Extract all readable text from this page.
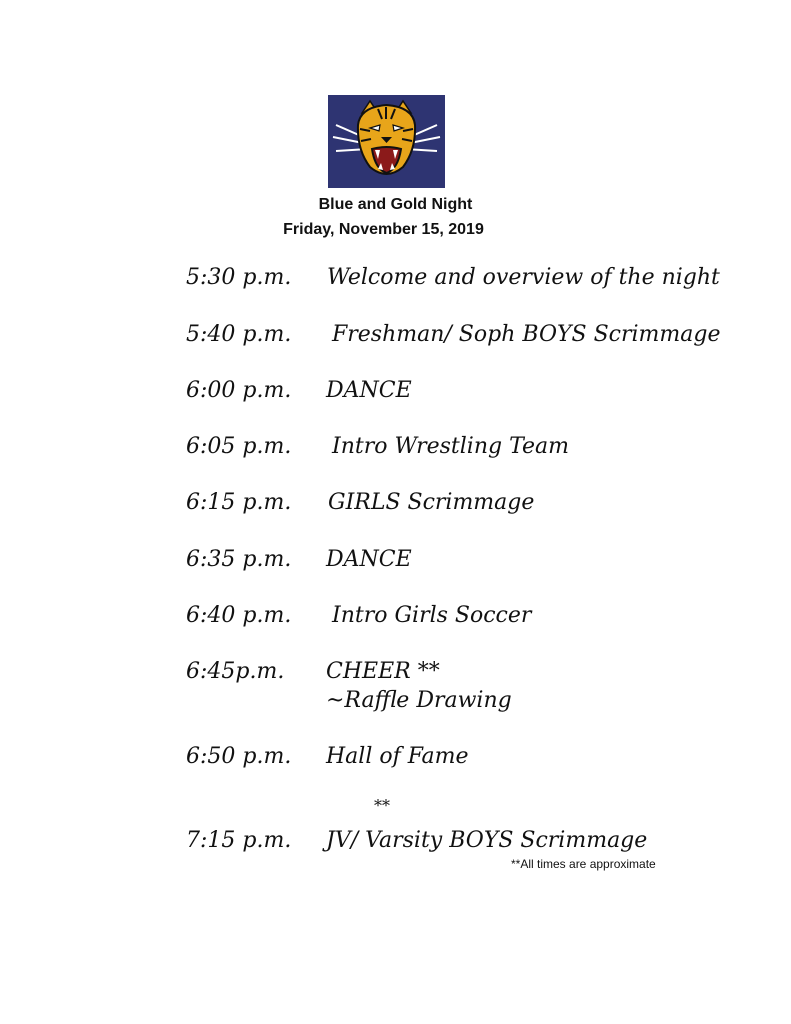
Blue and Gold Night
Friday, November 15, 2019
5:30 p.m. Welcome and overview of the night
5:40 p.m. Freshman/ Soph BOYS Scrimmage
6:00 p.m. DANCE
6:05 p.m. Intro Wrestling Team
6:15 p.m. GIRLS Scrimmage
6:35 p.m. DANCE
6:40 p.m. Intro Girls Soccer
6:45p.m. CHEER **
~Raffle Drawing
6:50 p.m. Hall of Fame
7:15 p.m. JV/ Varsity BOYS Scrimmage
**
**All times are approximate
